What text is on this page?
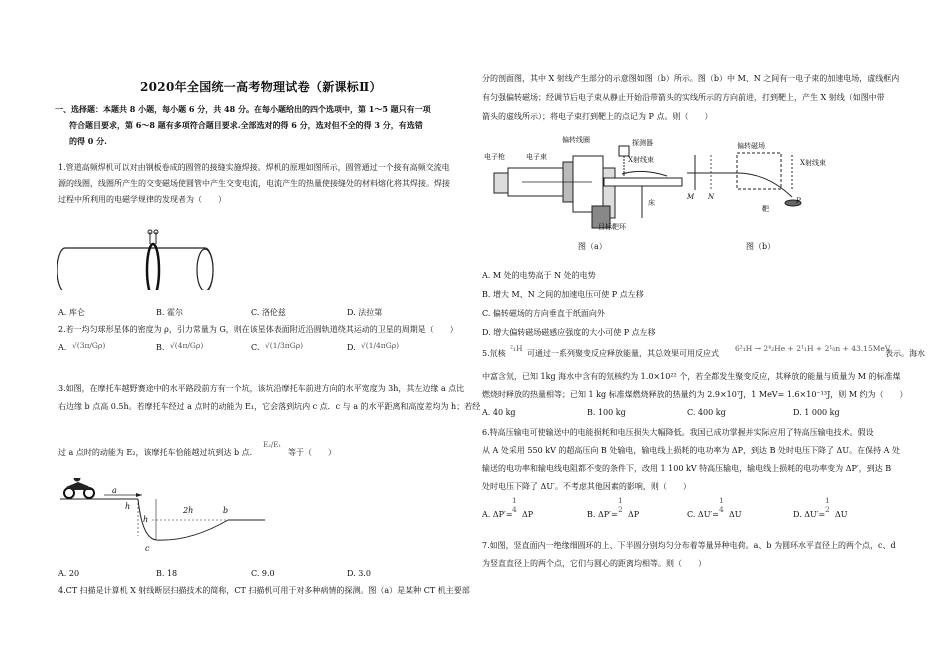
2020年全国统一高考物理试卷（新课标Ⅱ）
一、选择题：本题共 8 小题，每小题 6 分，共 48 分。在每小题给出的四个选项中，第 1～5 题只有一项
符合题目要求，第 6～8 题有多项符合题目要求.全部选对的得 6 分，选对但不全的得 3 分，有选错
的得 0 分.
1.管道高频焊机可以对由钢板卷成的圆管的接缝实施焊接。焊机的原理如图所示，圆管通过一个接有高频交流电
源的线圈，线圈所产生的交变磁场使圆管中产生交变电流，电流产生的热量使接缝处的材料熔化将其焊接。焊接
过程中所利用的电磁学规律的发现者为（　　）
A. 库仑	B. 霍尔	C. 洛伦兹	D. 法拉第
2.若一均匀球形星体的密度为 ρ，引力常量为 G，则在该星体表面附近沿圆轨道绕其运动的卫星的周期是（　　）
A. √(3π/Gρ)	B. √(4π/Gρ)	C. √(1/3πGρ)	D. √(1/4πGρ)
3.如图，在摩托车越野赛途中的水平路段前方有一个坑，该坑沿摩托车前进方向的水平宽度为 3h，其左边缘 a 点比
右边缘 b 点高 0.5h。若摩托车经过 a 点时的动能为 E₁，它会落到坑内 c 点．c 与 a 的水平距离和高度差均为 h；若经
过 a 点时的动能为 E₂，该摩托车恰能越过坑到达 b 点．
E₂/E₁
等于（　　）
a
h
h
2h	b
c
A. 20	B. 18	C. 9.0	D. 3.0
4.CT 扫描是计算机 X 射线断层扫描技术的简称，CT 扫描机可用于对多种病情的探测。图（a）是某种 CT 机主要部
分的剖面图，其中 X 射线产生部分的示意图如图（b）所示。图（b）中 M、N 之间有一电子束的加速电场，虚线框内
有匀强偏转磁场；经调节后电子束从静止开始沿带箭头的实线所示的方向前进，打到靶上，产生 X 射线（如图中带
箭头的虚线所示）；将电子束打到靶上的点记为 P 点。则（　　）
偏转线圈
电子枪	电子束
探测器
X射线束
床
目标靶环
图（a）
偏转磁场
X射线束
M N
靶
P
图（b）
A. M 处的电势高于 N 处的电势
B. 增大 M、N 之间的加速电压可使 P 点左移
C. 偏转磁场的方向垂直于纸面向外
D. 增大偏转磁场磁感应强度的大小可使 P 点左移
5.氘核
²₁H
可通过一系列聚变反应释放能量，其总效果可用反应式
6²₁H → 2⁴₂He + 2¹₁H + 2¹₀n + 43.15MeV
表示。海水
中富含氘，已知 1kg 海水中含有的氘核约为 1.0×10²² 个，若全都发生聚变反应，其释放的能量与质量为 M 的标准煤
燃烧时释放的热量相等；已知 1 kg 标准煤燃烧释放的热量约为 2.9×10⁷J，1 MeV= 1.6×10⁻¹³J，则 M 约为（　　）
A. 40 kg	B. 100 kg	C. 400 kg	D. 1 000 kg
6.特高压输电可使输送中的电能损耗和电压损失大幅降低。我国已成功掌握并实际应用了特高压输电技术。假设
从 A 处采用 550 kV 的超高压向 B 处输电，输电线上损耗的电功率为 ΔP，到达 B 处时电压下降了 ΔU。在保持 A 处
输送的电功率和输电线电阻都不变的条件下，改用 1 100 kV 特高压输电，输电线上损耗的电功率变为 ΔP′，到达 B
处时电压下降了 ΔU′。不考虑其他因素的影响，则（　　）
A. ΔP′=
1
4
ΔP	B. ΔP′=
1
2
ΔP	C. ΔU′=
1
4
ΔU	D. ΔU′=
1
2
ΔU
7.如图，竖直面内一绝缘细圆环的上、下半圆分别均匀分布着等量异种电荷。a、b 为圆环水平直径上的两个点，c、d
为竖直直径上的两个点，它们与圆心的距离均相等。则（　　）
